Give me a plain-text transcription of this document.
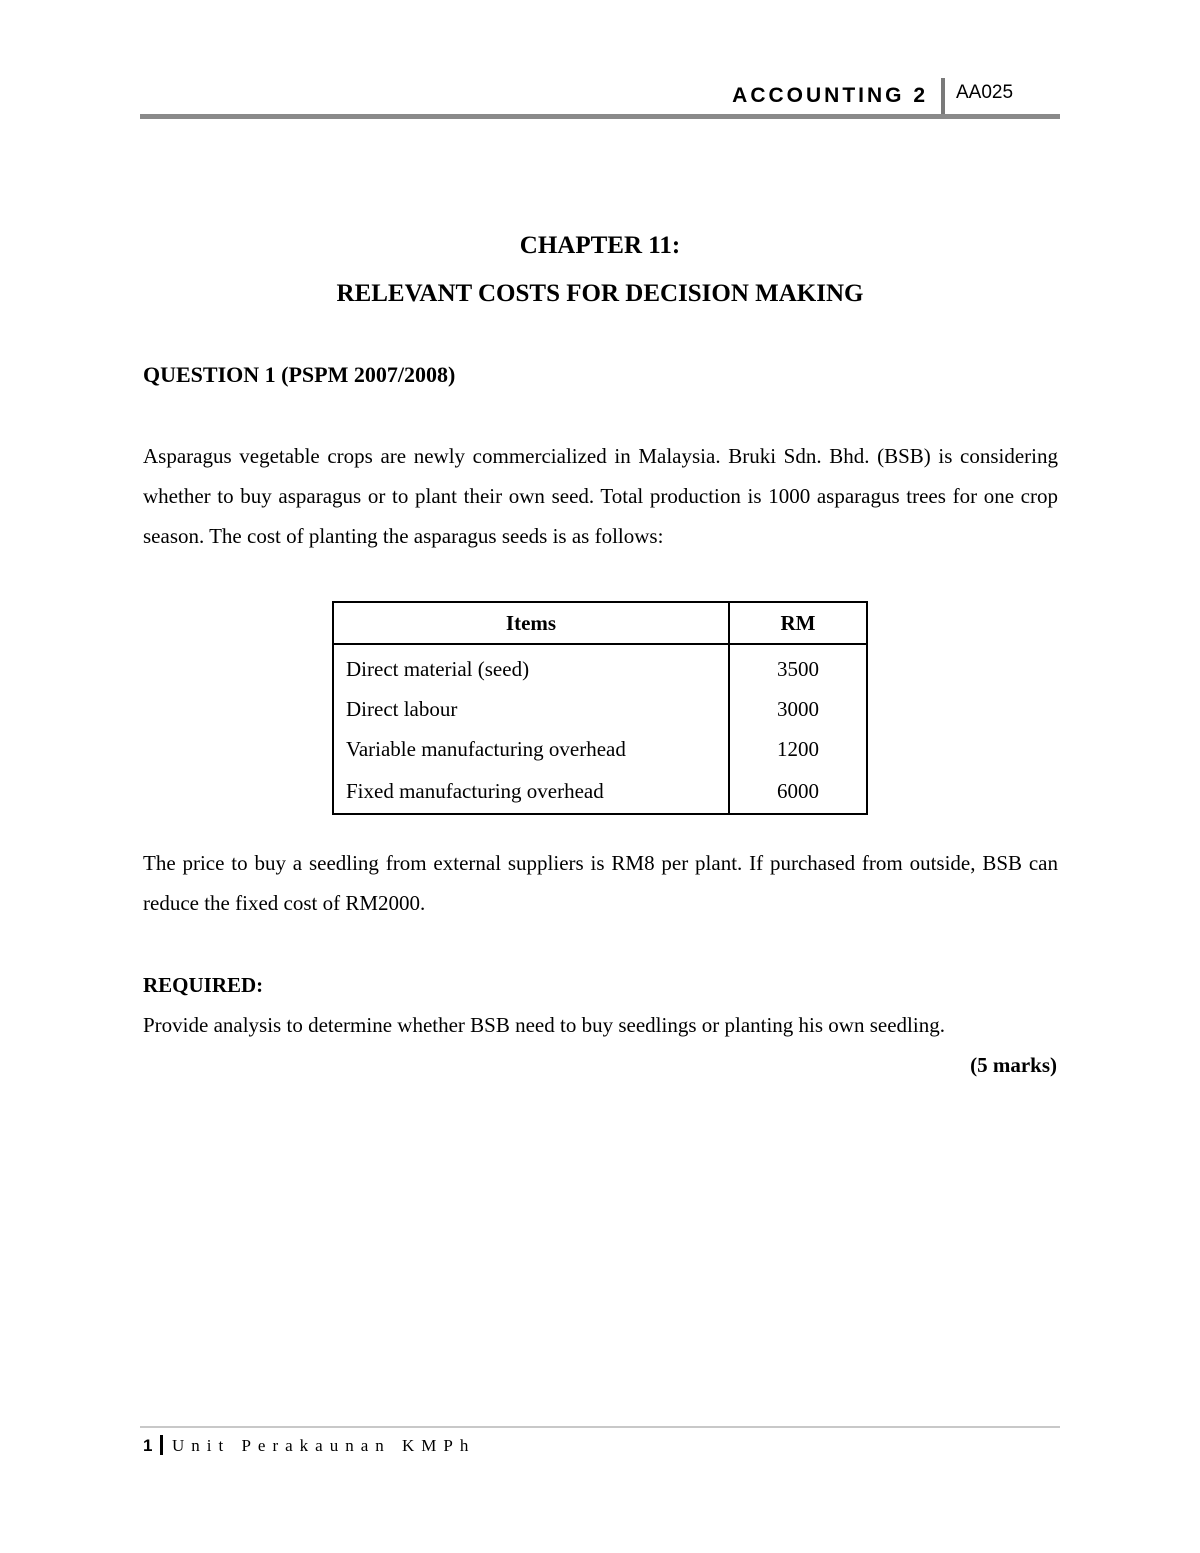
ACCOUNTING 2 AA025
CHAPTER 11:
RELEVANT COSTS FOR DECISION MAKING
QUESTION 1 (PSPM 2007/2008)

Asparagus vegetable crops are newly commercialized in Malaysia. Bruki Sdn. Bhd. (BSB) is considering whether to buy asparagus or to plant their own seed. Total production is 1000 asparagus trees for one crop season. The cost of planting the asparagus seeds is as follows:

Items	RM
Direct material (seed)	3500
Direct labour	3000
Variable manufacturing overhead	1200
Fixed manufacturing overhead	6000

The price to buy a seedling from external suppliers is RM8 per plant. If purchased from outside, BSB can reduce the fixed cost of RM2000.

REQUIRED:
Provide analysis to determine whether BSB need to buy seedlings or planting his own seedling.
(5 marks)
1 Unit Perakaunan KMPh
